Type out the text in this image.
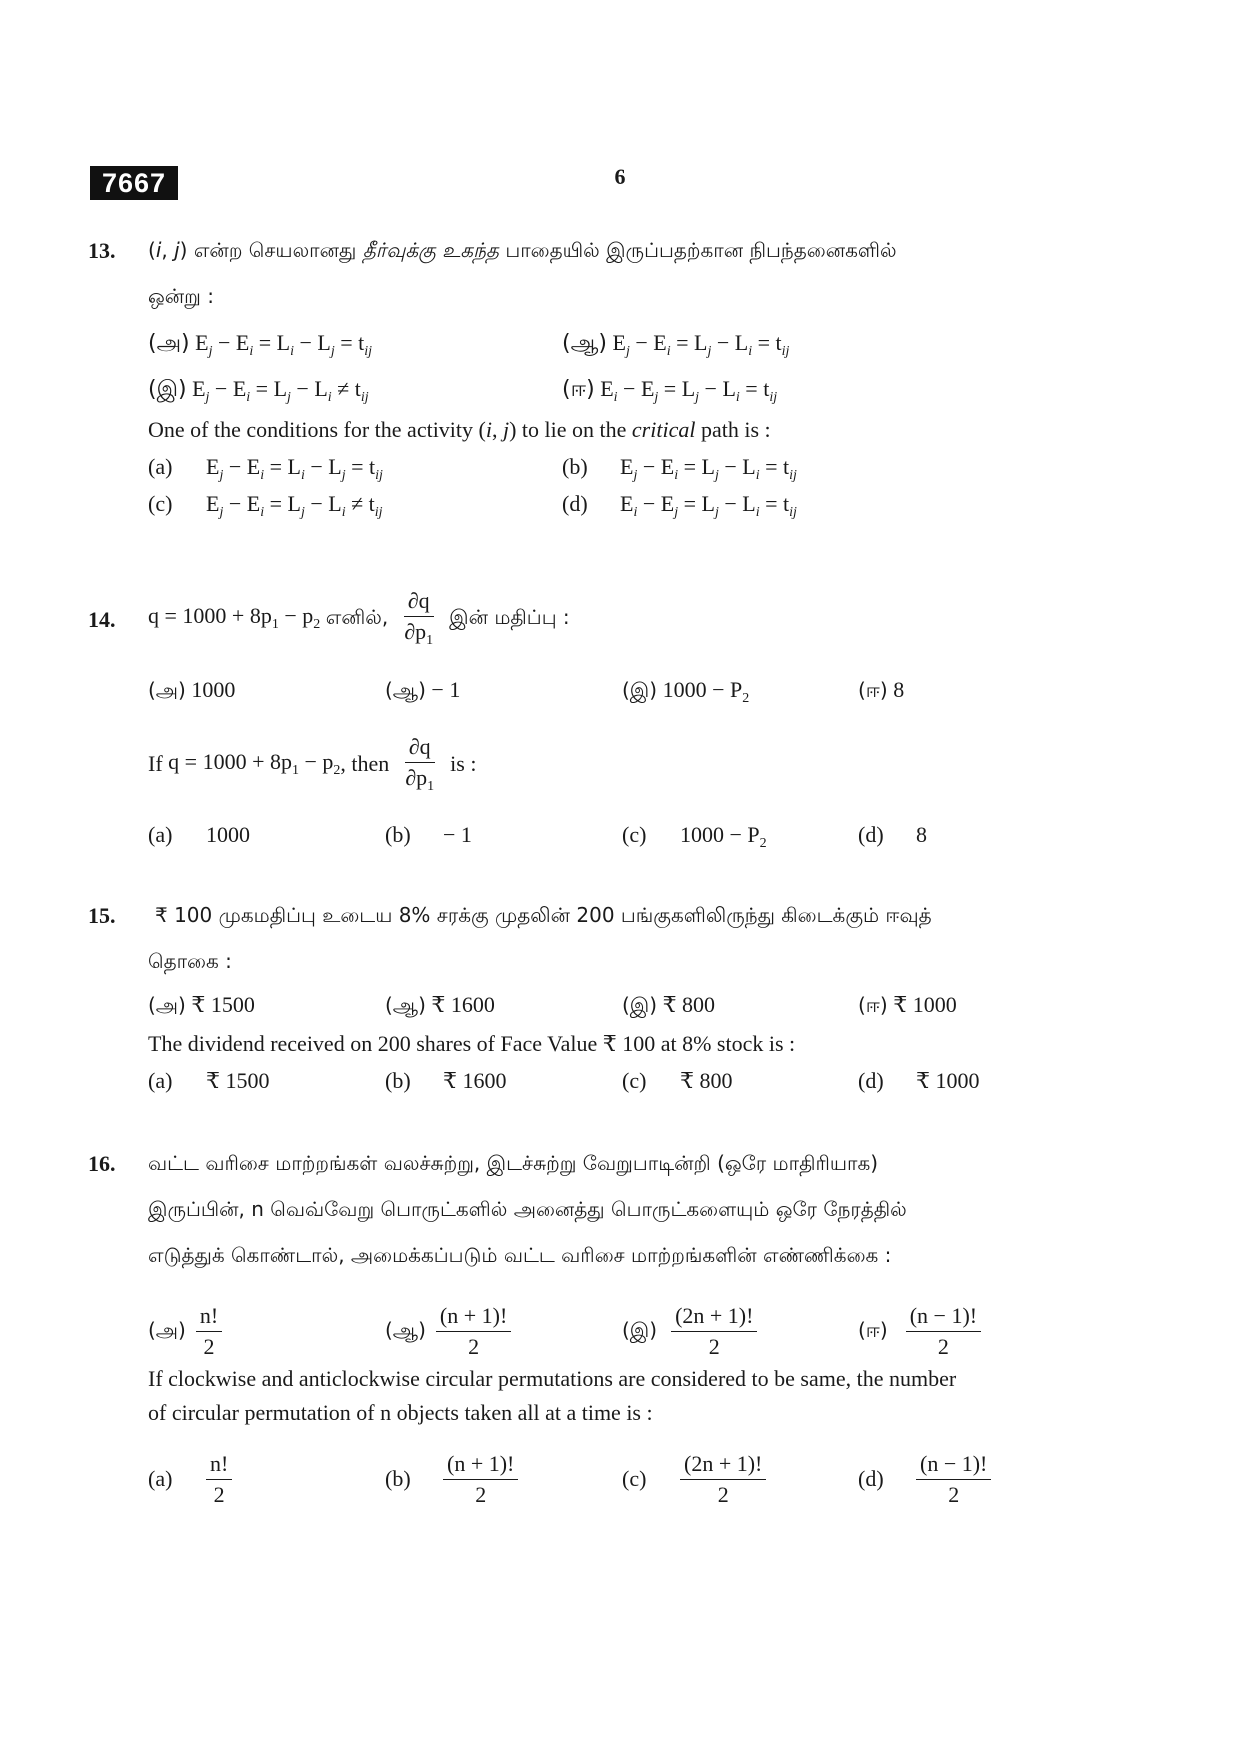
7667	6
13. (i, j) என்ற செயலானது தீர்வுக்கு உகந்த பாதையில் இருப்பதற்கான நிபந்தனைகளில்
ஒன்று :
(அ) $E_j - E_i = L_i - L_j = t_{ij}$	(ஆ) $E_j - E_i = L_j - L_i = t_{ij}$
(இ) $E_j - E_i = L_j - L_i \ne t_{ij}$	(ஈ) $E_i - E_j = L_j - L_i = t_{ij}$
One of the conditions for the activity (i, j) to lie on the critical path is :
(a) $E_j - E_i = L_i - L_j = t_{ij}$	(b) $E_j - E_i = L_j - L_i = t_{ij}$
(c) $E_j - E_i = L_j - L_i \ne t_{ij}$	(d) $E_i - E_j = L_j - L_i = t_{ij}$
14. $q = 1000 + 8p_1 - p_2$ எனில், $\frac{\partial q}{\partial p_1}$ இன் மதிப்பு :
(அ) 1000	(ஆ) − 1	(இ) $1000 - P_2$	(ஈ) 8
If $q = 1000 + 8p_1 - p_2$ , then $\frac{\partial q}{\partial p_1}$ is :
(a) 1000	(b) − 1	(c) $1000 - P_2$	(d) 8
15. ₹ 100 முகமதிப்பு உடைய 8% சரக்கு முதலின் 200 பங்குகளிலிருந்து கிடைக்கும் ஈவுத்
தொகை :
(அ) ₹ 1500	(ஆ) ₹ 1600	(இ) ₹ 800	(ஈ) ₹ 1000
The dividend received on 200 shares of Face Value ₹ 100 at 8% stock is :
(a) ₹ 1500	(b) ₹ 1600	(c) ₹ 800	(d) ₹ 1000
16. வட்ட வரிசை மாற்றங்கள் வலச்சுற்று, இடச்சுற்று வேறுபாடின்றி (ஒரே மாதிரியாக)
இருப்பின், n வெவ்வேறு பொருட்களில் அனைத்து பொருட்களையும் ஒரே நேரத்தில்
எடுத்துக் கொண்டால், அமைக்கப்படும் வட்ட வரிசை மாற்றங்களின் எண்ணிக்கை :
(அ) $\frac{n!}{2}$	(ஆ) $\frac{(n + 1)!}{2}$	(இ) $\frac{(2n + 1)!}{2}$	(ஈ) $\frac{(n - 1)!}{2}$
If clockwise and anticlockwise circular permutations are considered to be same, the number
of circular permutation of n objects taken all at a time is :
(a)	$\frac{n!}{2}$	(b)	$\frac{(n + 1)!}{2}$	(c)	$\frac{(2n + 1)!}{2}$	(d)	$\frac{(n - 1)!}{2}$
